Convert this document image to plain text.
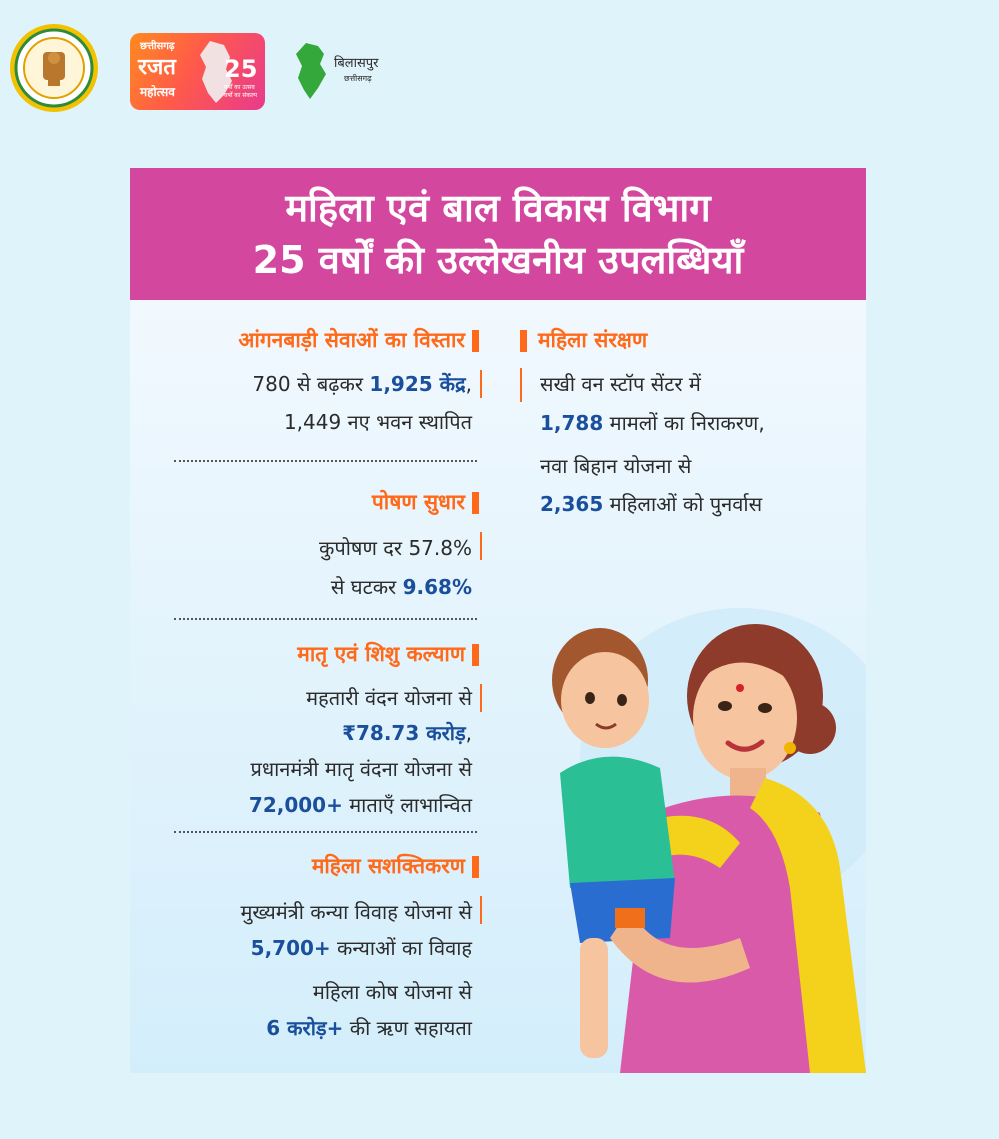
छत्तीसगढ़
रजत
महोत्सव
25
वर्षों का उत्सव
वर्षों का संकल्प
बिलासपुर
छत्तीसगढ़
महिला एवं बाल विकास विभाग
25 वर्षों की उल्लेखनीय उपलब्धियाँ
आंगनबाड़ी सेवाओं का विस्तार
780 से बढ़कर 1,925 केंद्र,
1,449 नए भवन स्थापित
पोषण सुधार
कुपोषण दर 57.8%
से घटकर 9.68%
मातृ एवं शिशु कल्याण
महतारी वंदन योजना से
₹78.73 करोड़,
प्रधानमंत्री मातृ वंदना योजना से
72,000+ माताएँ लाभान्वित
महिला सशक्तिकरण
मुख्यमंत्री कन्या विवाह योजना से
5,700+ कन्याओं का विवाह
महिला कोष योजना से
6 करोड़+ की ऋण सहायता
महिला संरक्षण
सखी वन स्टॉप सेंटर में
1,788 मामलों का निराकरण,
नवा बिहान योजना से
2,365 महिलाओं को पुनर्वास
